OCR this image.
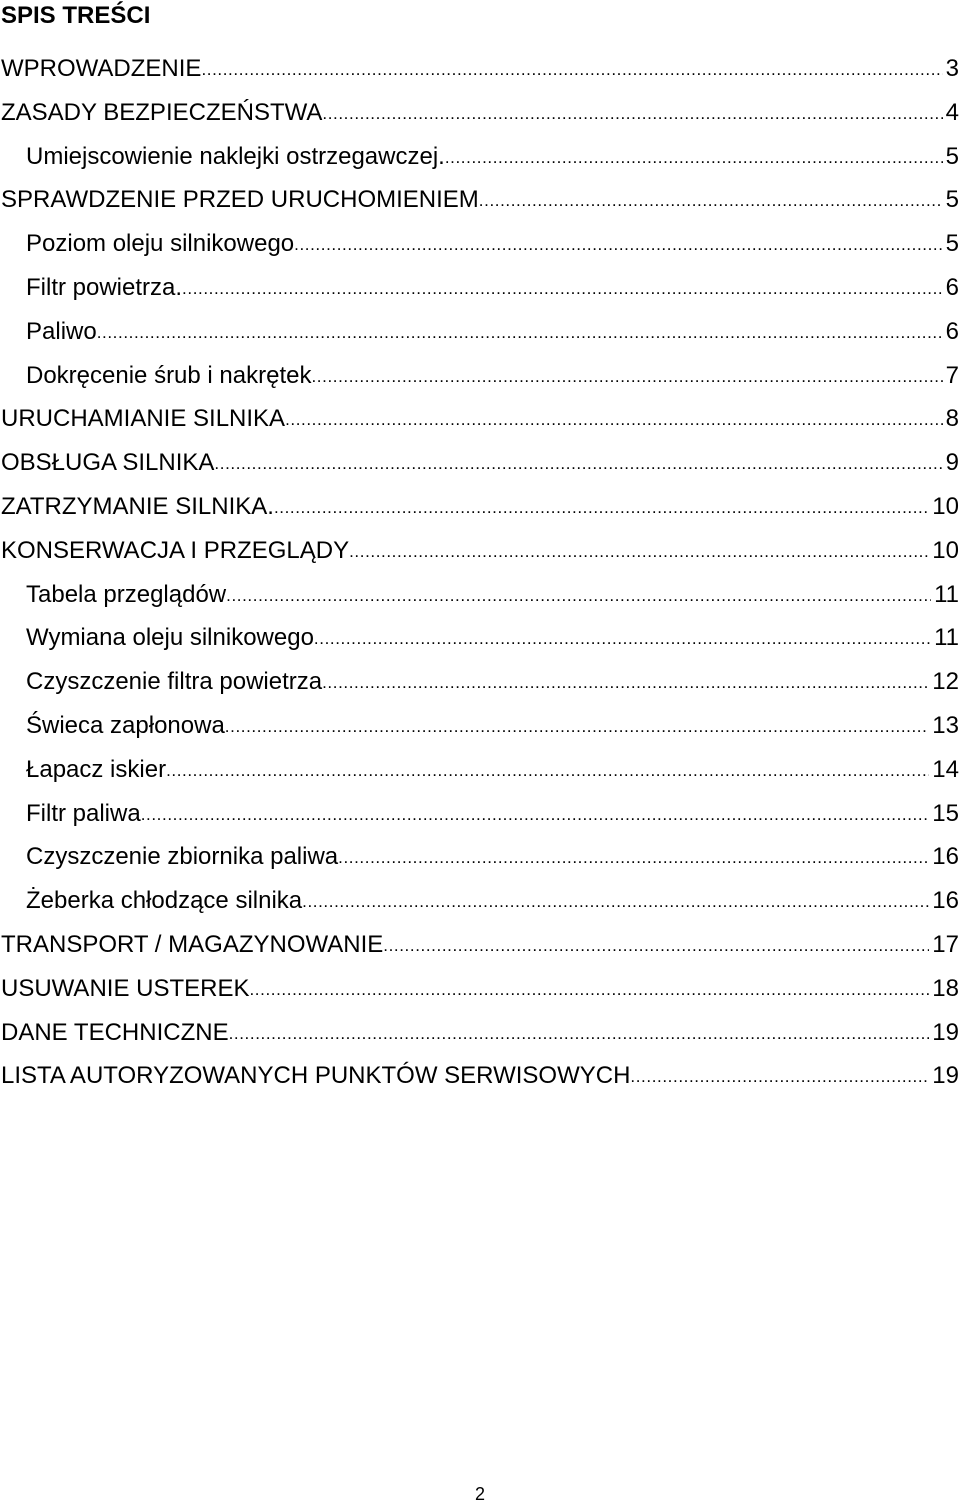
SPIS TREŚCI
WPROWADZENIE .....	3
ZASADY BEZPIECZEŃSTWA .....	4
Umiejscowienie naklejki ostrzegawczej. .....	5
SPRAWDZENIE PRZED URUCHOMIENIEM .....	5
Poziom oleju silnikowego .....	5
Filtr powietrza. .....	6
Paliwo .....	6
Dokręcenie śrub i nakrętek .....	7
URUCHAMIANIE SILNIKA .....	8
OBSŁUGA SILNIKA .....	9
ZATRZYMANIE SILNIKA. .....	10
KONSERWACJA I PRZEGLĄDY .....	10
Tabela przeglądów .....	11
Wymiana oleju silnikowego .....	11
Czyszczenie filtra powietrza .....	12
Świeca zapłonowa .....	13
Łapacz iskier .....	14
Filtr paliwa .....	15
Czyszczenie zbiornika paliwa .....	16
Żeberka chłodzące silnika .....	16
TRANSPORT / MAGAZYNOWANIE .....	17
USUWANIE USTEREK .....	18
DANE TECHNICZNE .....	19
LISTA AUTORYZOWANYCH PUNKTÓW SERWISOWYCH .....	19
2
